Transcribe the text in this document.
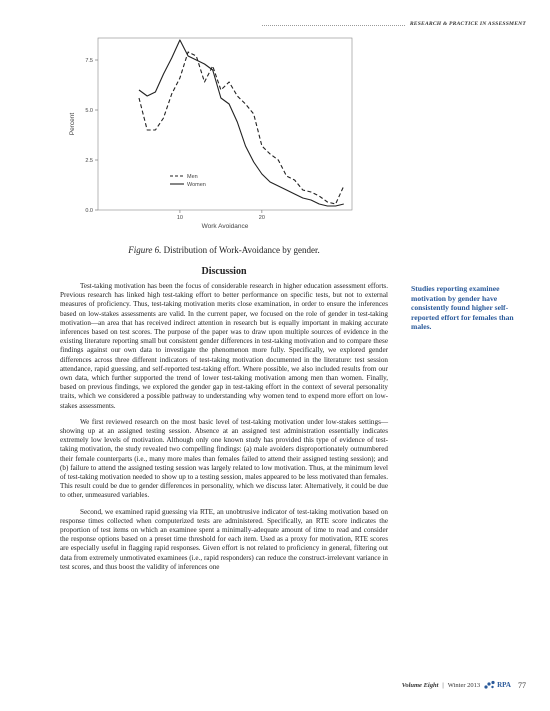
RESEARCH & PRACTICE IN ASSESSMENT
0.0
2.5
5.0
7.5
10	20
Work Avoidance
Percent
Men
Women
Figure 6. Distribution of Work-Avoidance by gender.
Discussion

Test-taking motivation has been the focus of considerable research in higher education assessment efforts. Previous research has linked high test-taking effort to better performance on specific tests, but not to external measures of proficiency. Thus, test-taking motivation merits close examination, in order to ensure the inferences based on low-stakes assessments are valid. In the current paper, we focused on the role of gender in test-taking motivation—an area that has received indirect attention in research but is equally important in making accurate inferences based on test scores. The purpose of the paper was to draw upon multiple sources of evidence in the existing literature reporting small but consistent gender differences in test-taking motivation and to compare these findings against our own data to investigate the phenomenon more fully. Specifically, we explored gender differences across three different indicators of test-taking motivation documented in the literature: test session attendance, rapid guessing, and self-reported test-taking effort. Where possible, we also included results from our own data, which further supported the trend of lower test-taking motivation among men than women. Finally, based on previous findings, we explored the gender gap in test-taking effort in the context of several personality traits, which we considered a possible pathway to understanding why women tend to expend more effort on low-stakes assessments.

We first reviewed research on the most basic level of test-taking motivation under low-stakes settings—showing up at an assigned testing session. Absence at an assigned test administration essentially indicates extremely low levels of motivation. Although only one known study has provided this type of evidence of test-taking motivation, the study revealed two compelling findings: (a) male avoiders disproportionately outnumbered their female counterparts (i.e., many more males than females failed to attend their assigned testing session); and (b) failure to attend the assigned testing session was largely related to low motivation. Thus, at the minimum level of test-taking motivation needed to show up to a testing session, males appeared to be less motivated than females. This result could be due to gender differences in personality, which we discuss later. Alternatively, it could be due to other, unmeasured variables.

Second, we examined rapid guessing via RTE, an unobtrusive indicator of test-taking motivation based on response times collected when computerized tests are administered. Specifically, an RTE score indicates the proportion of test items on which an examinee spent a minimally-adequate amount of time to read and consider the response options based on a preset time threshold for each item. Used as a proxy for motivation, RTE scores are especially useful in flagging rapid responses. Given effort is not related to proficiency in general, filtering out data from extremely unmotivated examinees (i.e., rapid responders) can reduce the construct-irrelevant variance in test scores, and thus boost the validity of inferences one

Studies reporting examinee motivation by gender have consistently found higher self-reported effort for females than males.
Volume Eight | Winter 2013 RPA 77
